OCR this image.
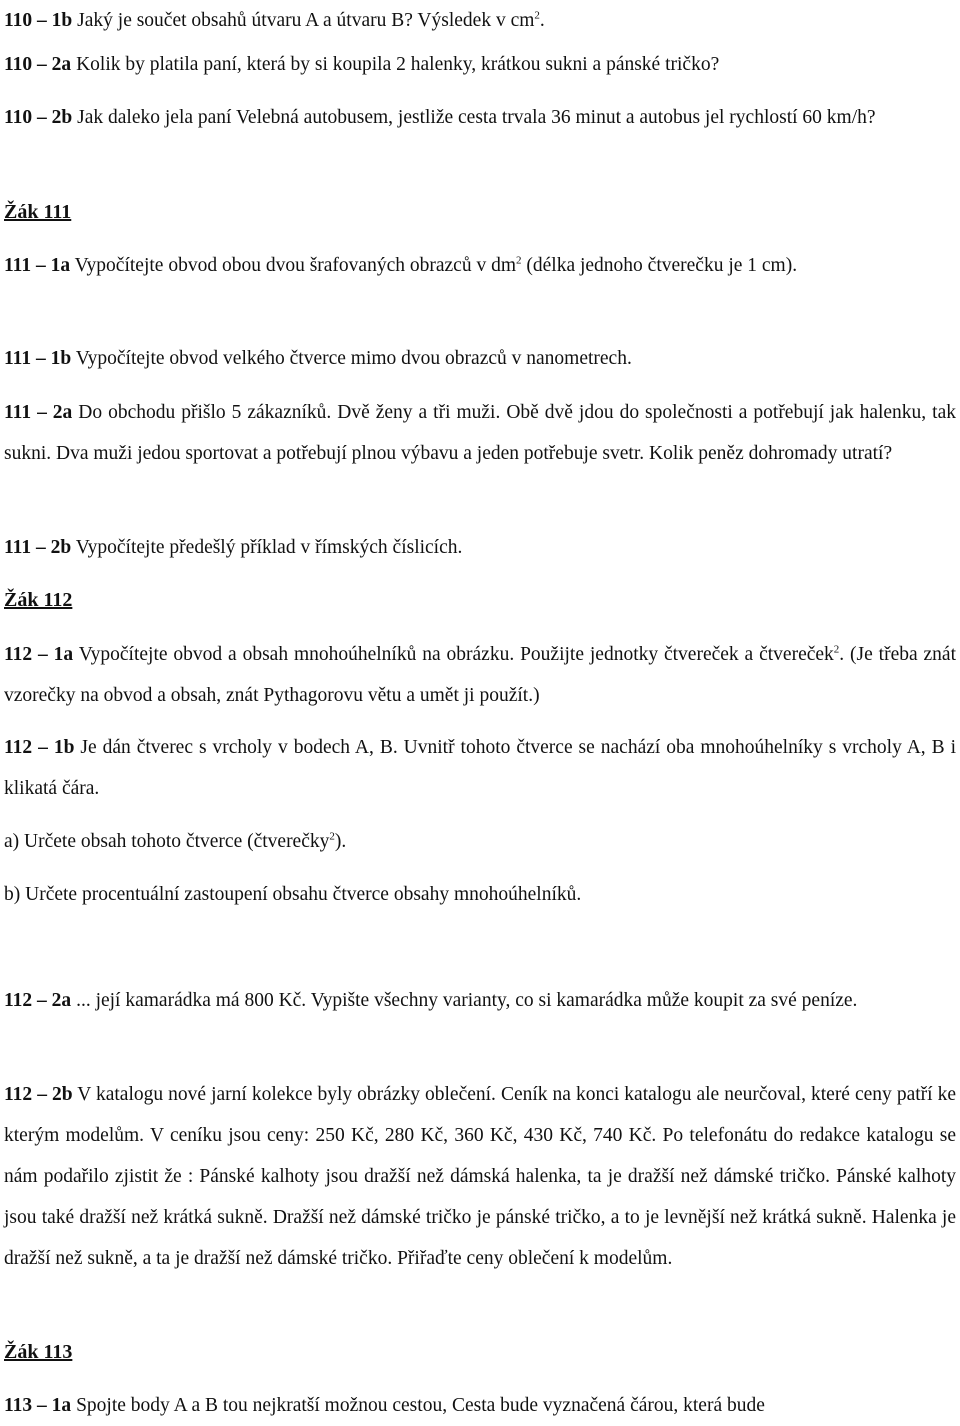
110 – 1b Jaký je součet obsahů útvaru A a útvaru B? Výsledek v $cm^2$.

110 – 2a Kolik by platila paní, která by si koupila 2 halenky, krátkou sukni a pánské tričko?

110 – 2b Jak daleko jela paní Velebná autobusem, jestliže cesta trvala 36 minut a autobus jel rychlostí 60 km/h?

Žák 111

111 – 1a Vypočítejte obvod obou dvou šrafovaných obrazců v $dm^2$ (délka jednoho čtverečku je 1 cm).

111 – 1b Vypočítejte obvod velkého čtverce mimo dvou obrazců v nanometrech.

111 – 2a Do obchodu přišlo 5 zákazníků. Dvě ženy a tři muži. Obě dvě jdou do společnosti a potřebují jak halenku, tak sukni. Dva muži jedou sportovat a potřebují plnou výbavu a jeden potřebuje svetr. Kolik peněz dohromady utratí?

111 – 2b Vypočítejte předešlý příklad v římských číslicích.

Žák 112

112 – 1a Vypočítejte obvod a obsah mnohoúhelníků na obrázku. Použijte jednotky čtvereček a čtvereček$^2$. (Je třeba znát vzorečky na obvod a obsah, znát Pythagorovu větu a umět ji použít.)

112 – 1b Je dán čtverec s vrcholy v bodech A, B. Uvnitř tohoto čtverce se nachází oba mnohoúhelníky s vrcholy A, B i klikatá čára.

a) Určete obsah tohoto čtverce (čtverečky$^2$).

b) Určete procentuální zastoupení obsahu čtverce obsahy mnohoúhelníků.

112 – 2a ... její kamarádka má 800 Kč. Vypište všechny varianty, co si kamarádka může koupit za své peníze.

112 – 2b V katalogu nové jarní kolekce byly obrázky oblečení. Ceník na konci katalogu ale neurčoval, které ceny patří ke kterým modelům. V ceníku jsou ceny: 250 Kč, 280 Kč, 360 Kč, 430 Kč, 740 Kč. Po telefonátu do redakce katalogu se nám podařilo zjistit že : Pánské kalhoty jsou dražší než dámská halenka, ta je dražší než dámské tričko. Pánské kalhoty jsou také dražší než krátká sukně. Dražší než dámské tričko je pánské tričko, a to je levnější než krátká sukně. Halenka je dražší než sukně, a ta je dražší než dámské tričko. Přiřaďte ceny oblečení k modelům.

Žák 113

113 – 1a Spojte body A a B tou nejkratší možnou cestou, Cesta bude vyznačená čárou, která bude
